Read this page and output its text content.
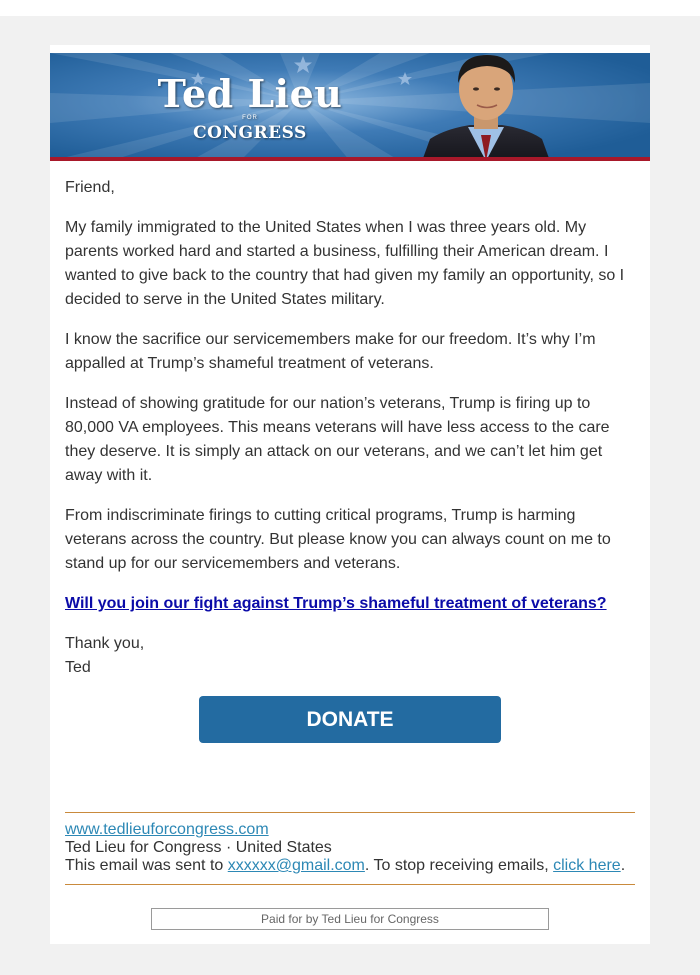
Ted Lieu
FOR
CONGRESS

Friend,

My family immigrated to the United States when I was three years old. My parents worked hard and started a business, fulfilling their American dream. I wanted to give back to the country that had given my family an opportunity, so I decided to serve in the United States military.

I know the sacrifice our servicemembers make for our freedom. It’s why I’m appalled at Trump’s shameful treatment of veterans.

Instead of showing gratitude for our nation’s veterans, Trump is firing up to 80,000 VA employees. This means veterans will have less access to the care they deserve. It is simply an attack on our veterans, and we can’t let him get away with it.

From indiscriminate firings to cutting critical programs, Trump is harming veterans across the country. But please know you can always count on me to stand up for our servicemembers and veterans.

Will you join our fight against Trump’s shameful treatment of veterans?

Thank you,
Ted
DONATE
www.tedlieuforcongress.com
Ted Lieu for Congress · United States
This email was sent to xxxxxx@gmail.com. To stop receiving emails, click here.
Paid for by Ted Lieu for Congress
